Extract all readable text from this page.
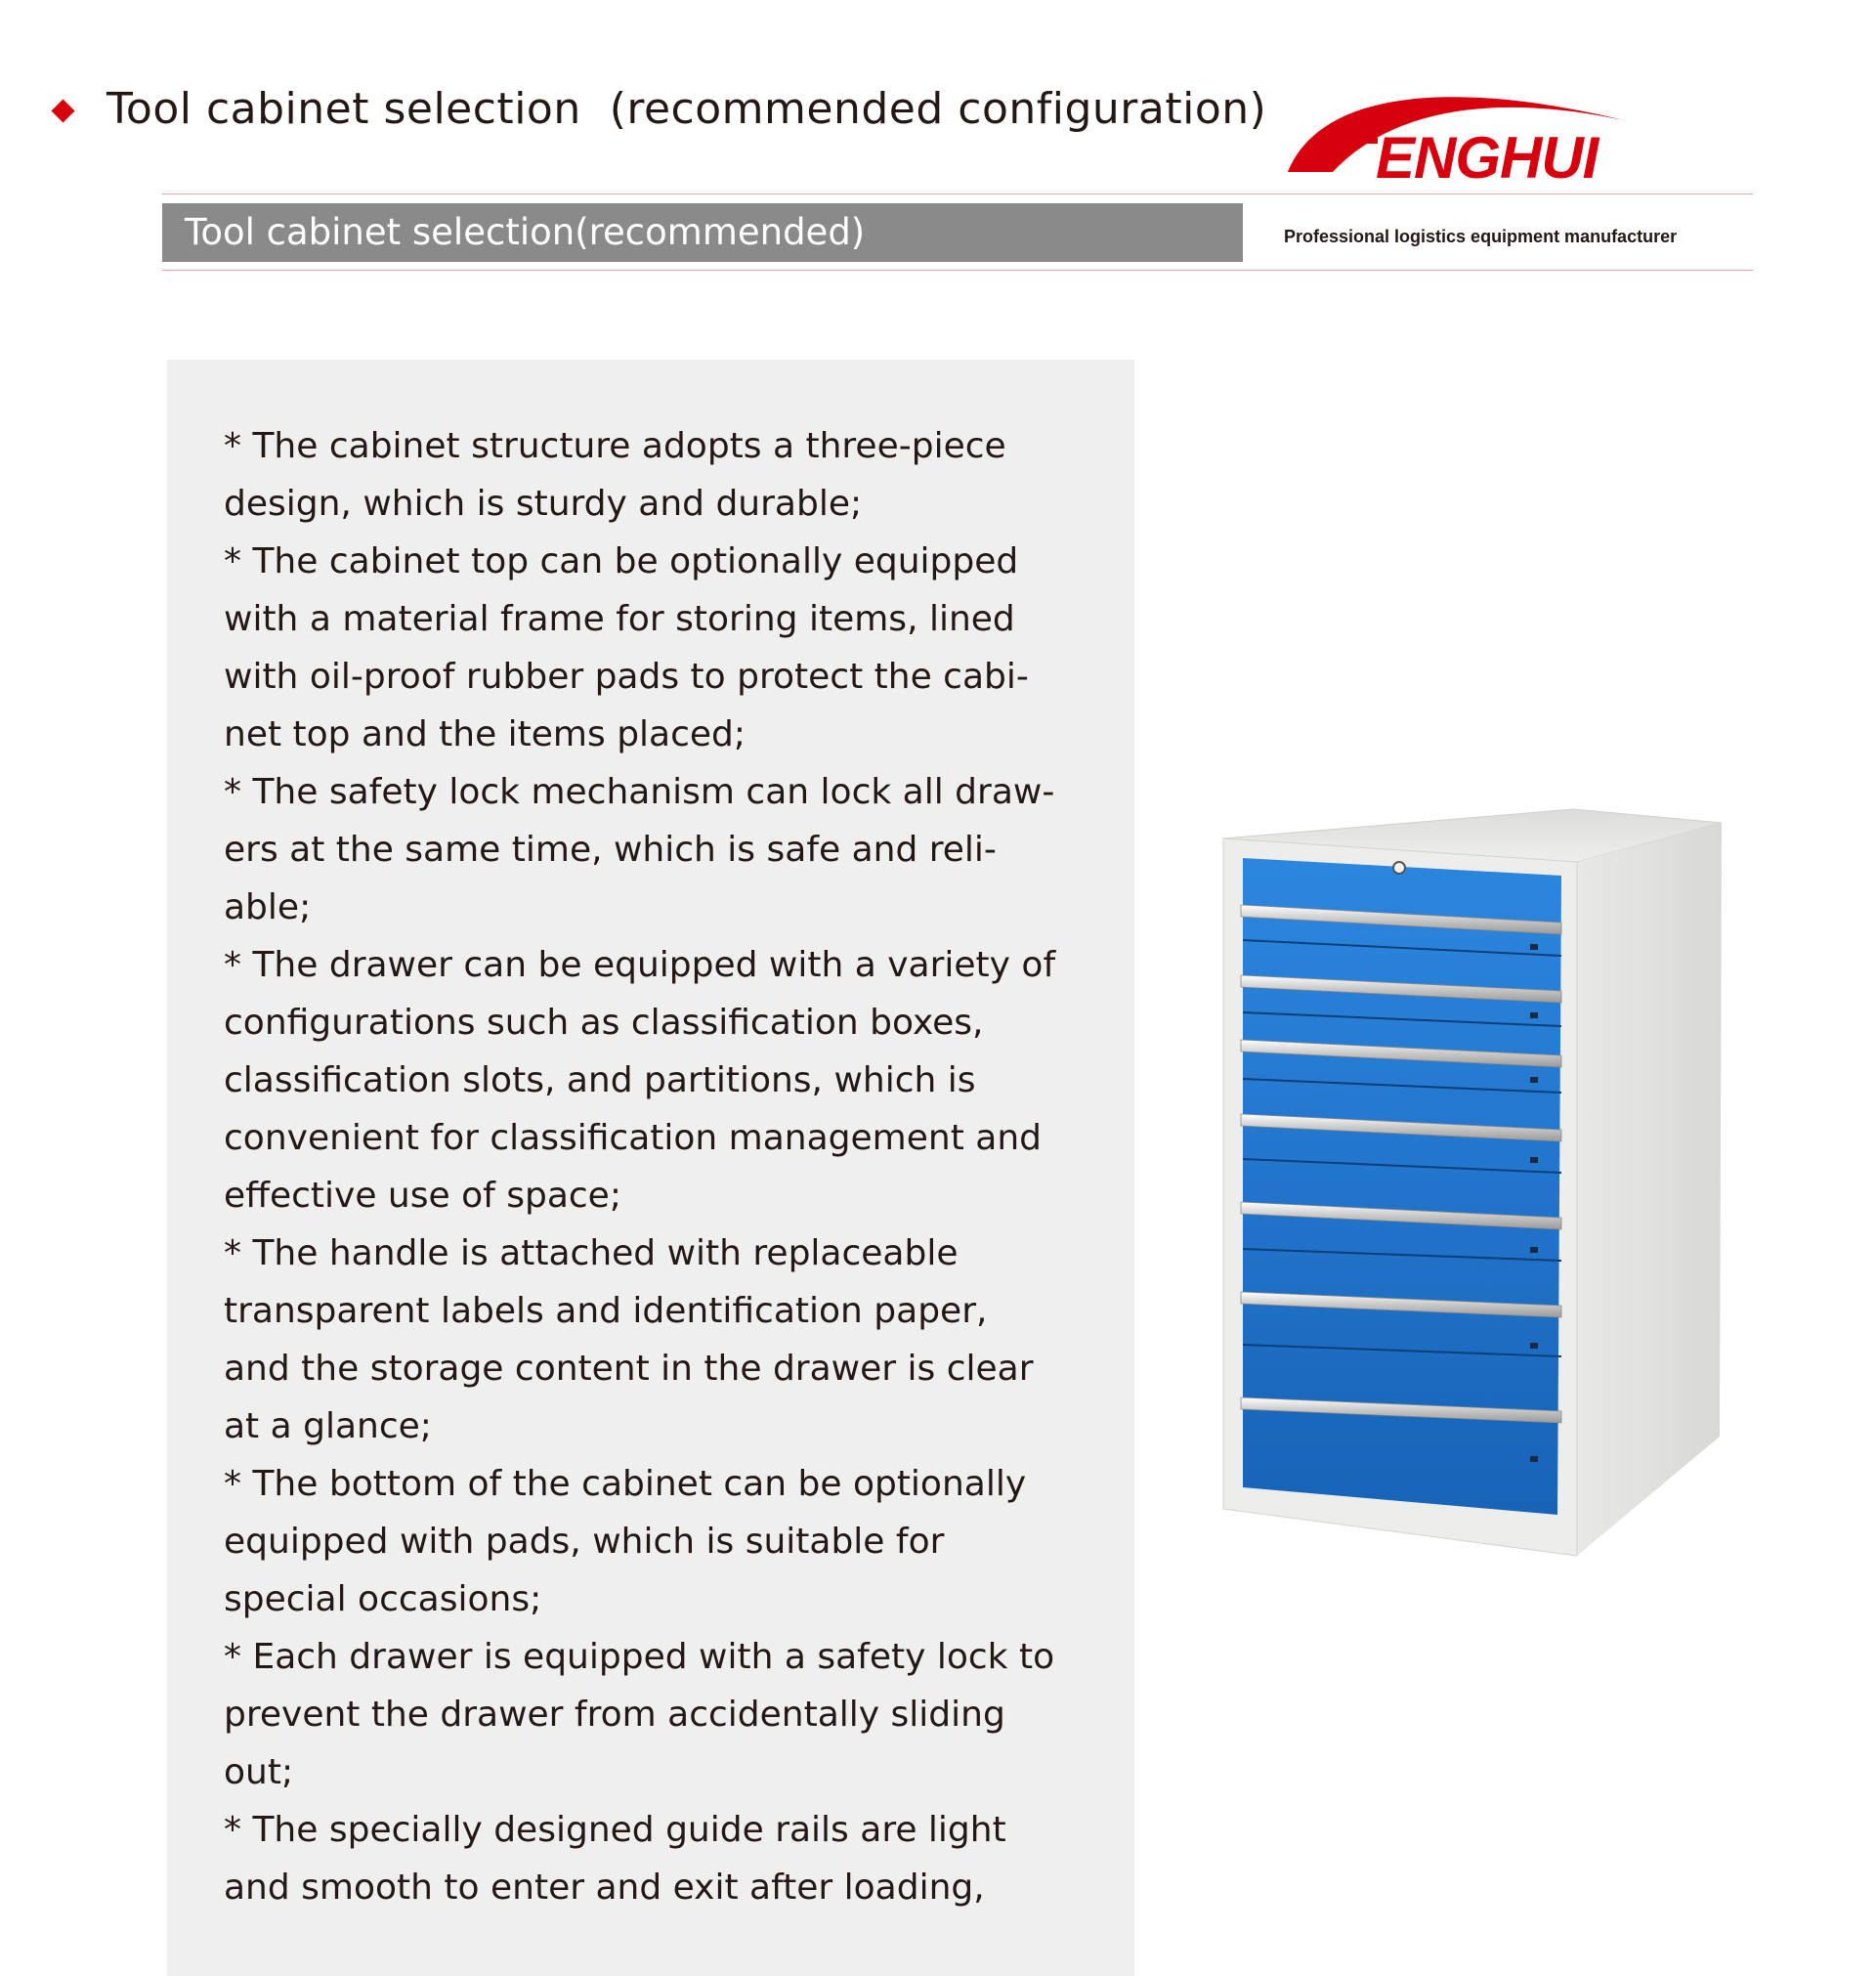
Tool cabinet selection  (recommended configuration)
ENGHUI
Tool cabinet selection(recommended)	Professional logistics equipment manufacturer
* The cabinet structure adopts a three-piece
design, which is sturdy and durable;
* The cabinet top can be optionally equipped
with a material frame for storing items, lined
with oil-proof rubber pads to protect the cabi-
net top and the items placed;
* The safety lock mechanism can lock all draw-
ers at the same time, which is safe and reli-
able;
* The drawer can be equipped with a variety of
configurations such as classification boxes,
classification slots, and partitions, which is
convenient for classification management and
effective use of space;
* The handle is attached with replaceable
transparent labels and identification paper,
and the storage content in the drawer is clear
at a glance;
* The bottom of the cabinet can be optionally
equipped with pads, which is suitable for
special occasions;
* Each drawer is equipped with a safety lock to
prevent the drawer from accidentally sliding
out;
* The specially designed guide rails are light
and smooth to enter and exit after loading,
